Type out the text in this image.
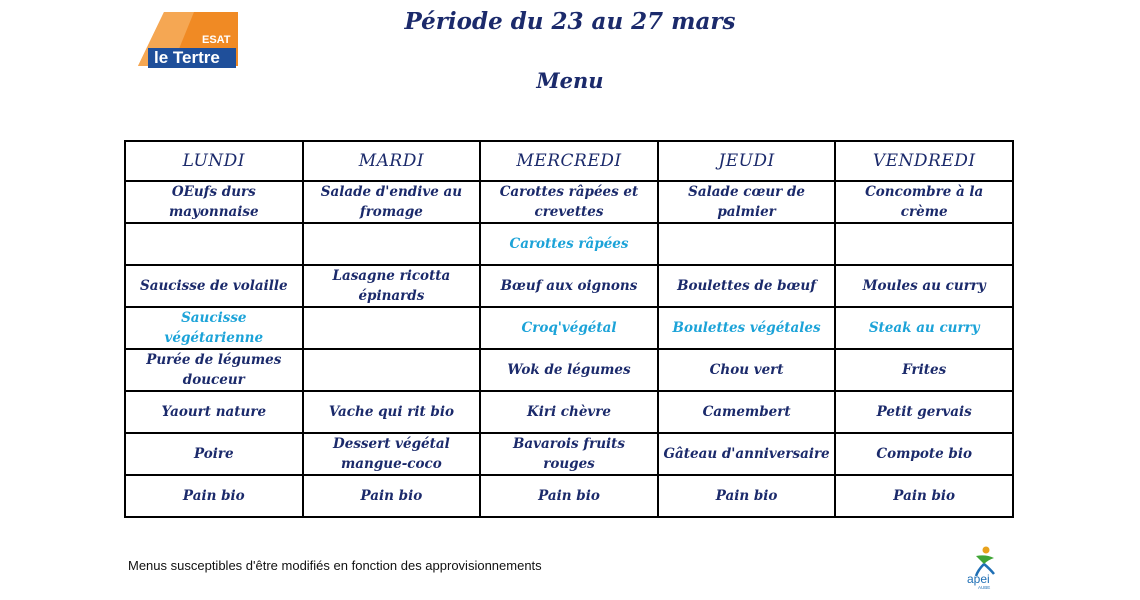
ESAT
le Tertre
Période du 23 au 27 mars
Menu
LUNDI	MARDI	MERCREDI	JEUDI	VENDREDI
OEufs durs mayonnaise	Salade d'endive au fromage	Carottes râpées et crevettes	Salade cœur de palmier	Concombre à la crème
		Carottes râpées		
Saucisse de volaille	Lasagne ricotta épinards	Bœuf aux oignons	Boulettes de bœuf	Moules au curry
Saucisse végétarienne		Croq'végétal	Boulettes végétales	Steak au curry
Purée de légumes douceur		Wok de légumes	Chou vert	Frites
Yaourt nature	Vache qui rit bio	Kiri chèvre	Camembert	Petit gervais
Poire	Dessert végétal mangue-coco	Bavarois fruits rouges	Gâteau d'anniversaire	Compote bio
Pain bio	Pain bio	Pain bio	Pain bio	Pain bio
Menus susceptibles d'être modifiés en fonction des approvisionnements
apei
AUBE
